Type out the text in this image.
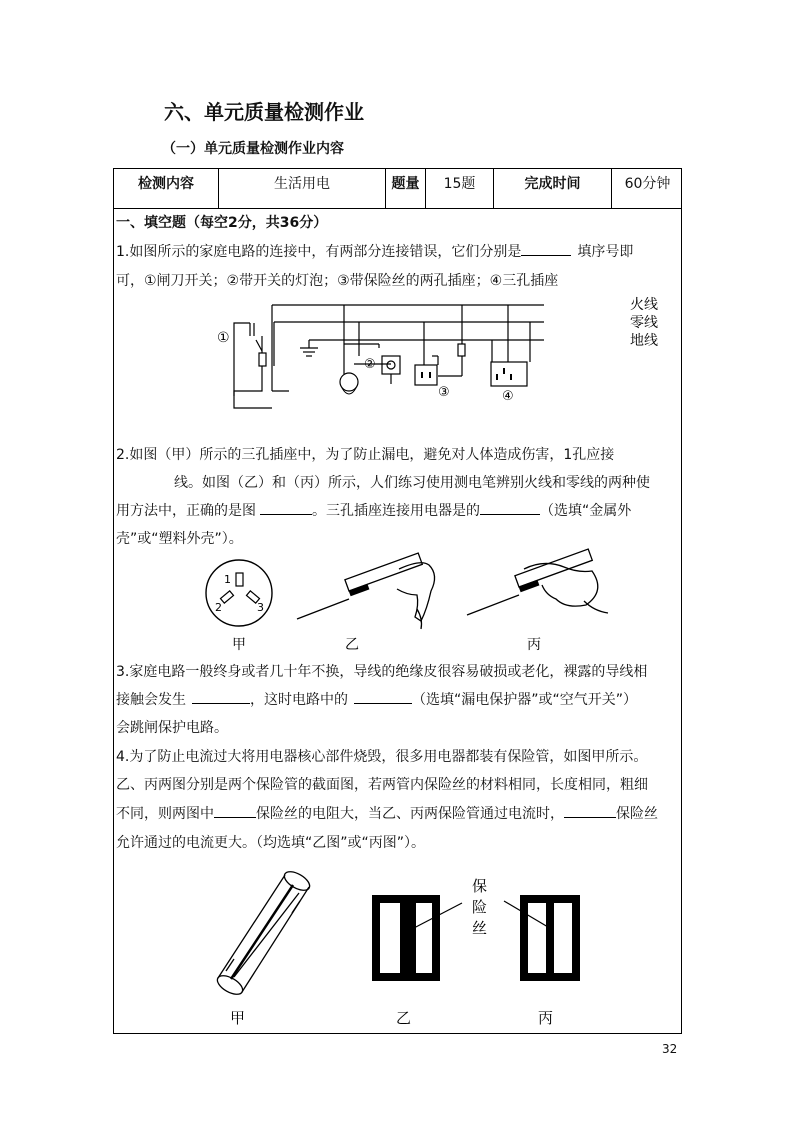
六、单元质量检测作业
（一）单元质量检测作业内容
检测内容	生活用电	题量	15题	完成时间	60分钟
一、填空题（每空2分，共36分）
1.如图所示的家庭电路的连接中，有两部分连接错误，它们分别是	填序号即
可，①闸刀开关；②带开关的灯泡；③带保险丝的两孔插座；④三孔插座
火线
零线
地线
①
②
③	④
2.如图（甲）所示的三孔插座中，为了防止漏电，避免对人体造成伤害，1孔应接
线。如图（乙）和（丙）所示，人们练习使用测电笔辨别火线和零线的两种使
用方法中，正确的是图	。三孔插座连接用电器是的	（选填“金属外
壳”或“塑料外壳”）。
1
2	3
甲	乙	丙
3.家庭电路一般终身或者几十年不换，导线的绝缘皮很容易破损或老化，裸露的导线相
接触会发生	，这时电路中的	（选填“漏电保护器”或“空气开关”）
会跳闸保护电路。
4.为了防止电流过大将用电器核心部件烧毁，很多用电器都装有保险管，如图甲所示。
乙、丙两图分别是两个保险管的截面图，若两管内保险丝的材料相同，长度相同，粗细
不同，则两图中	保险丝的电阻大，当乙、丙两保险管通过电流时，	保险丝
允许通过的电流更大。（均选填“乙图”或“丙图”）。
甲	乙
保
险
丝
丙
32
